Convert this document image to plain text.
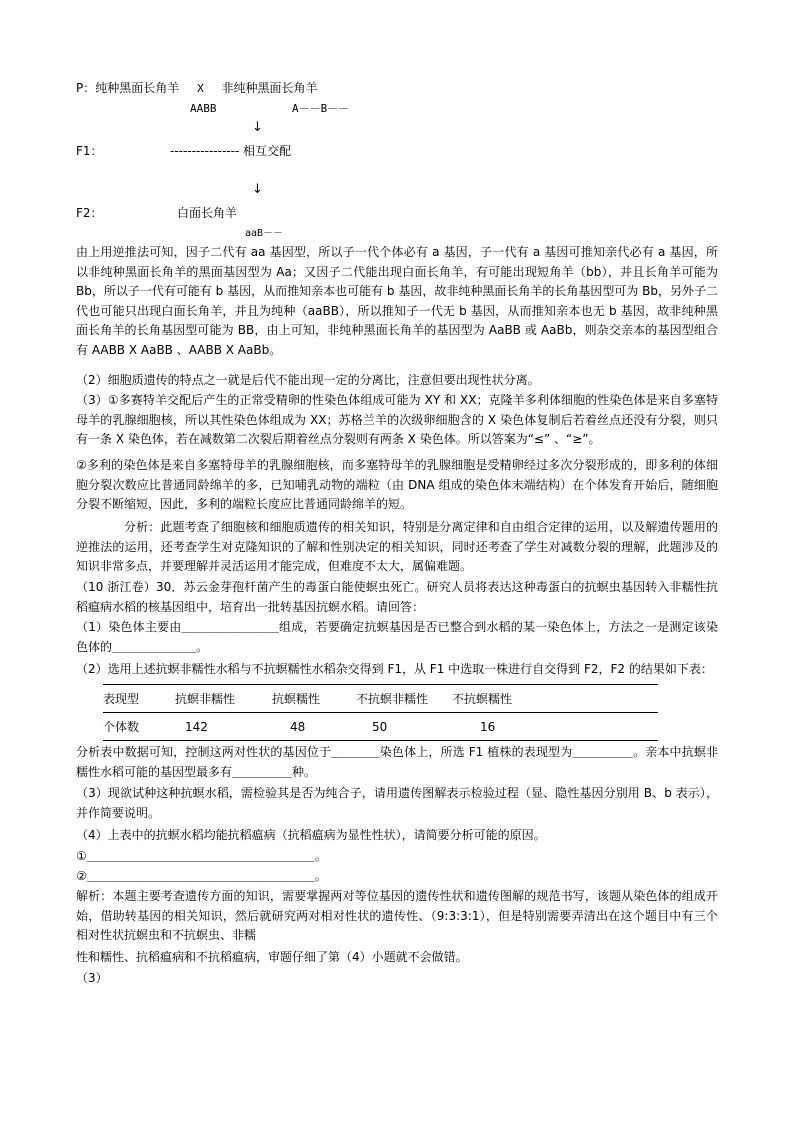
P：纯种黑面长角羊 X 非纯种黑面长角羊
AABB	A－－B－－
↓
F1：	---------------- 相互交配
↓
F2：	白面长角羊
aaB－－
由上用逆推法可知，因子二代有 aa 基因型，所以子一代个体必有 a 基因，子一代有 a 基因可推知亲代必有 a 基因，所以非纯种黑面长角羊的黑面基因型为 Aa；又因子二代能出现白面长角羊，有可能出现短角羊（bb），并且长角羊可能为 Bb，所以子一代有可能有 b 基因，从而推知亲本也可能有 b 基因，故非纯种黑面长角羊的长角基因型可为 Bb，另外子二代也可能只出现白面长角羊，并且为纯种（aaBB），所以推知子一代无 b 基因，从而推知亲本也无 b 基因，故非纯种黑面长角羊的长角基因型可能为 BB，由上可知，非纯种黑面长角羊的基因型为 AaBB 或 AaBb，则杂交亲本的基因型组合有 AABB X AaBB 、AABB X AaBb。
（2）细胞质遗传的特点之一就是后代不能出现一定的分离比，注意但要出现性状分离。
（3）①多赛特羊交配后产生的正常受精卵的性染色体组成可能为 XY 和 XX；克隆羊多利体细胞的性染色体是来自多塞特母羊的乳腺细胞核，所以其性染色体组成为 XX；苏格兰羊的次级卵细胞含的 X 染色体复制后若着丝点还没有分裂，则只有一条 X 染色体，若在减数第二次裂后期着丝点分裂则有两条 X 染色体。所以答案为“≤” 、“≥”。
②多利的染色体是来自多塞特母羊的乳腺细胞核，而多塞特母羊的乳腺细胞是受精卵经过多次分裂形成的，即多利的体细胞分裂次数应比普通同龄绵羊的多，已知哺乳动物的端粒（由 DNA 组成的染色体末端结构）在个体发育开始后，随细胞分裂不断缩短，因此，多利的端粒长度应比普通同龄绵羊的短。
分析：此题考查了细胞核和细胞质遗传的相关知识，特别是分离定律和自由组合定律的运用，以及解遗传题用的逆推法的运用，还考查学生对克隆知识的了解和性别决定的相关知识，同时还考查了学生对减数分裂的理解，此题涉及的知识非常多点，并要理解并灵活运用才能完成，但难度不太大，属偏难题。
（10 浙江卷）30．苏云金芽孢杆菌产生的毒蛋白能使螟虫死亡。研究人员将表达这种毒蛋白的抗螟虫基因转入非糯性抗稻瘟病水稻的核基因组中，培育出一批转基因抗螟水稻。请回答：
（1）染色体主要由＿＿＿＿＿＿＿＿组成，若要确定抗螟基因是否已整合到水稻的某一染色体上，方法之一是测定该染色体的＿＿＿＿＿＿＿。
（2）选用上述抗螟非糯性水稻与不抗螟糯性水稻杂交得到 F1，从 F1 中选取一株进行自交得到 F2，F2 的结果如下表：
表现型	抗螟非糯性	抗螟糯性	不抗螟非糯性	不抗螟糯性
个体数	142	48	50	16
分析表中数据可知，控制这两对性状的基因位于＿＿＿＿染色体上，所选 F1 植株的表现型为＿＿＿＿＿。亲本中抗螟非糯性水稻可能的基因型最多有＿＿＿＿＿种。
（3）现欲试种这种抗螟水稻，需检验其是否为纯合子，请用遗传图解表示检验过程（显、隐性基因分别用 B、b 表示），并作简要说明。
（4）上表中的抗螟水稻均能抗稻瘟病（抗稻瘟病为显性性状），请简要分析可能的原因。
①＿＿＿＿＿＿＿＿＿＿＿＿＿＿＿＿＿＿＿。
②＿＿＿＿＿＿＿＿＿＿＿＿＿＿＿＿＿＿＿。
解析：本题主要考查遗传方面的知识，需要掌握两对等位基因的遗传性状和遗传图解的规范书写，该题从染色体的组成开始，借助转基因的相关知识，然后就研究两对相对性状的遗传性、（9:3:3:1），但是特别需要弄清出在这个题目中有三个相对性状抗螟虫和不抗螟虫、非糯
性和糯性、抗稻瘟病和不抗稻瘟病，审题仔细了第（4）小题就不会做错。
（3）
